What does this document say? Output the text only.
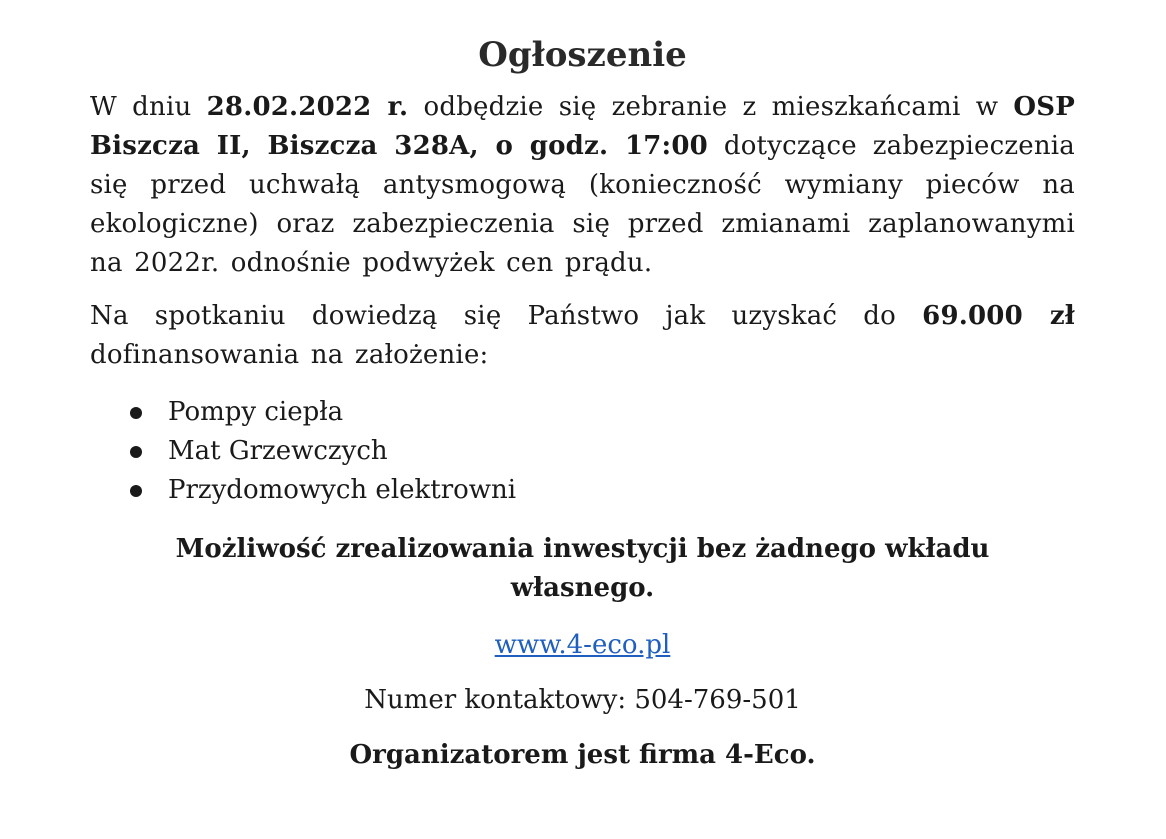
Ogłoszenie

W dniu 28.02.2022 r. odbędzie się zebranie z mieszkańcami w OSP Biszcza II, Biszcza 328A, o godz. 17:00 dotyczące zabezpieczenia się przed uchwałą antysmogową (konieczność wymiany pieców na ekologiczne) oraz zabezpieczenia się przed zmianami zaplanowanymi na 2022r. odnośnie podwyżek cen prądu.

Na spotkaniu dowiedzą się Państwo jak uzyskać do 69.000 zł dofinansowania na założenie:

Pompy ciepła
Mat Grzewczych
Przydomowych elektrowni

Możliwość zrealizowania inwestycji bez żadnego wkładu własnego.

www.4-eco.pl

Numer kontaktowy: 504-769-501

Organizatorem jest firma 4-Eco.
